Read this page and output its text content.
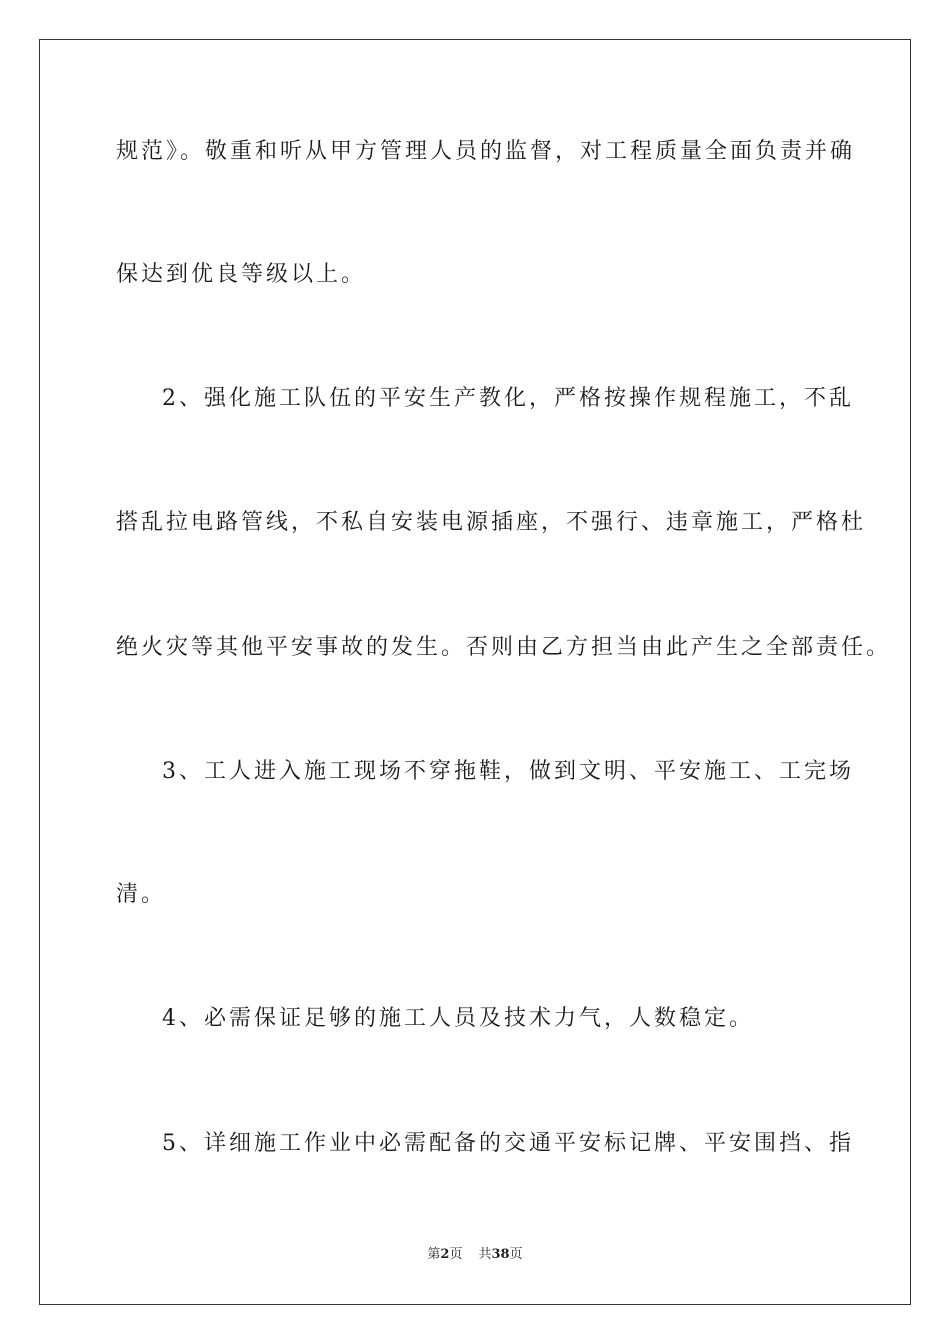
规范》。敬重和听从甲方管理人员的监督，对工程质量全面负责并确

保达到优良等级以上。

2、强化施工队伍的平安生产教化，严格按操作规程施工，不乱

搭乱拉电路管线，不私自安装电源插座，不强行、违章施工，严格杜

绝火灾等其他平安事故的发生。否则由乙方担当由此产生之全部责任。

3、工人进入施工现场不穿拖鞋，做到文明、平安施工、工完场

清。

4、必需保证足够的施工人员及技术力气，人数稳定。

5、详细施工作业中必需配备的交通平安标记牌、平安围挡、指

第2页 共38页
